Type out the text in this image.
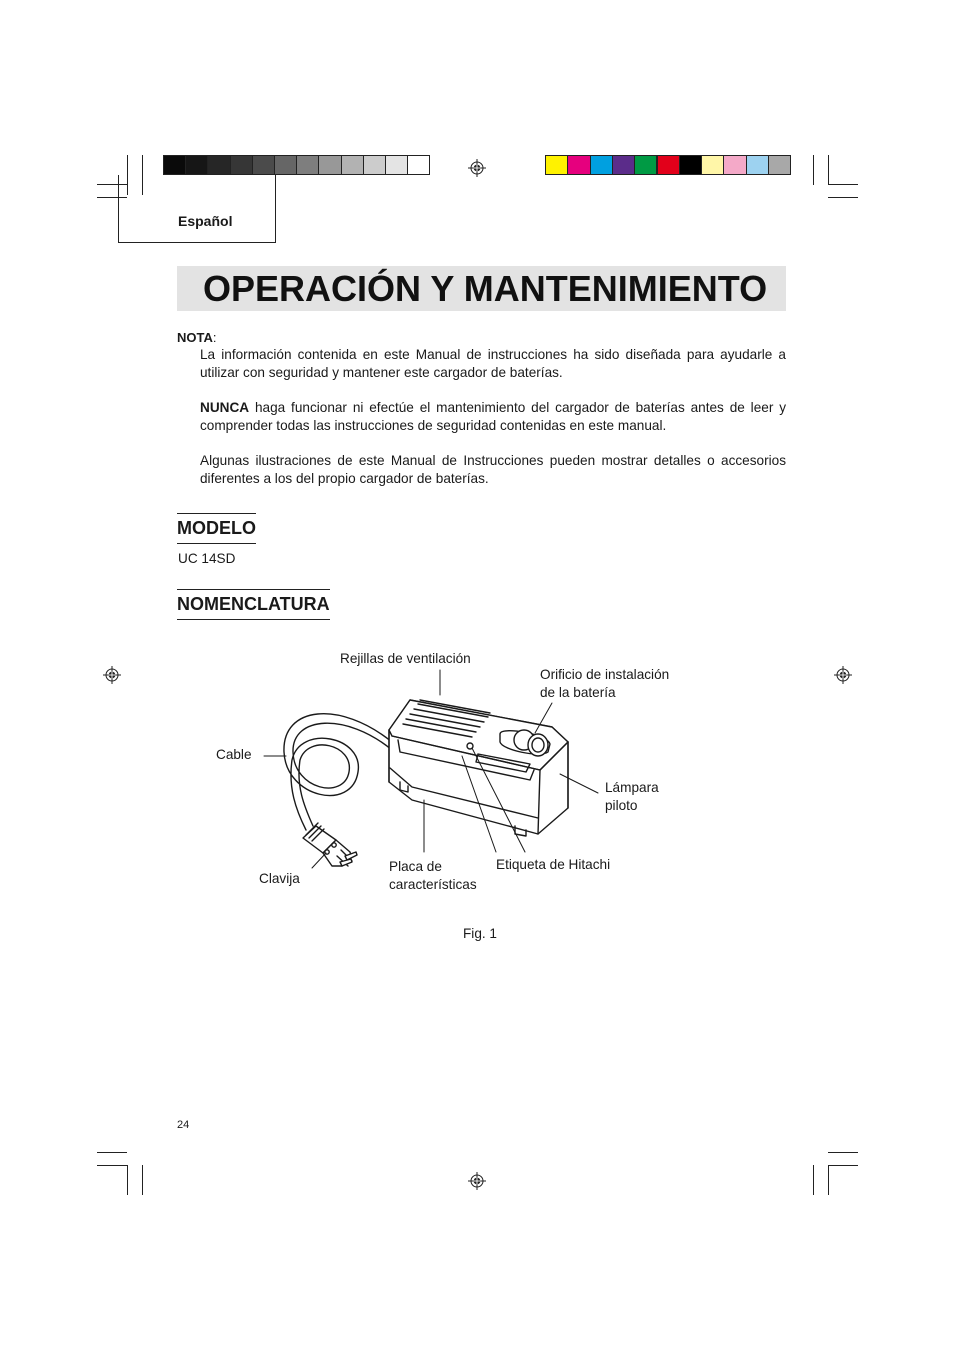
Español
OPERACIÓN Y MANTENIMIENTO
NOTA:
La información contenida en este Manual de instrucciones ha sido diseñada para ayudarle a utilizar con seguridad y mantener este cargador de baterías.
NUNCA haga funcionar ni efectúe el mantenimiento del cargador de baterías antes de leer y comprender todas las instrucciones de seguridad contenidas en este manual.
Algunas ilustraciones de este Manual de Instrucciones pueden mostrar detalles o accesorios diferentes a los del propio cargador de baterías.
MODELO
UC 14SD
NOMENCLATURA
Rejillas de ventilación
Orificio de instalación
de la batería
Cable
Lámpara
piloto
Placa de
características
Etiqueta de Hitachi
Clavija
Fig. 1
24
